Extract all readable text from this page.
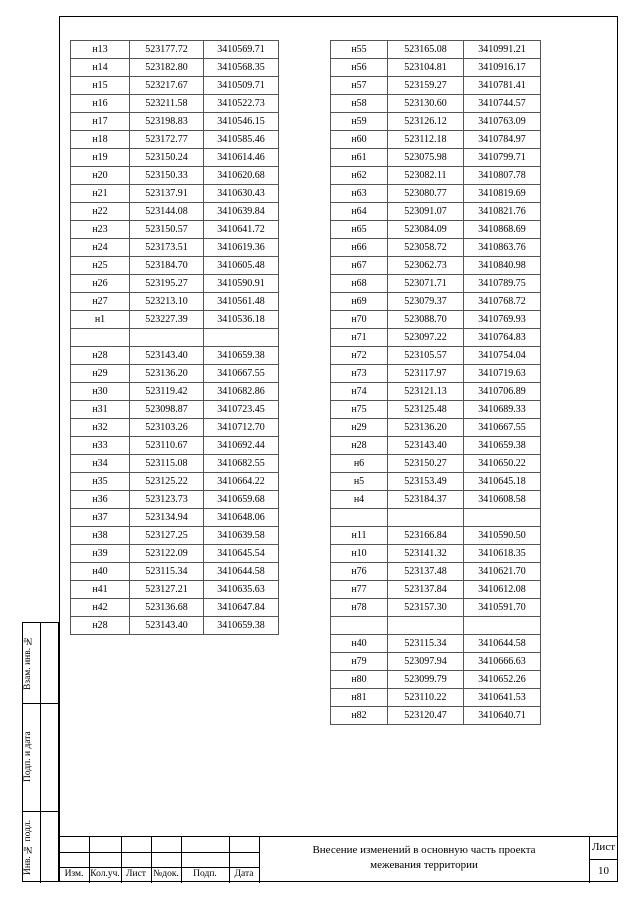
н13	523177.72	3410569.71
н14	523182.80	3410568.35
н15	523217.67	3410509.71
н16	523211.58	3410522.73
н17	523198.83	3410546.15
н18	523172.77	3410585.46
н19	523150.24	3410614.46
н20	523150.33	3410620.68
н21	523137.91	3410630.43
н22	523144.08	3410639.84
н23	523150.57	3410641.72
н24	523173.51	3410619.36
н25	523184.70	3410605.48
н26	523195.27	3410590.91
н27	523213.10	3410561.48
н1	523227.39	3410536.18

н28	523143.40	3410659.38
н29	523136.20	3410667.55
н30	523119.42	3410682.86
н31	523098.87	3410723.45
н32	523103.26	3410712.70
н33	523110.67	3410692.44
н34	523115.08	3410682.55
н35	523125.22	3410664.22
н36	523123.73	3410659.68
н37	523134.94	3410648.06
н38	523127.25	3410639.58
н39	523122.09	3410645.54
н40	523115.34	3410644.58
н41	523127.21	3410635.63
н42	523136.68	3410647.84
н28	523143.40	3410659.38
н55	523165.08	3410991.21
н56	523104.81	3410916.17
н57	523159.27	3410781.41
н58	523130.60	3410744.57
н59	523126.12	3410763.09
н60	523112.18	3410784.97
н61	523075.98	3410799.71
н62	523082.11	3410807.78
н63	523080.77	3410819.69
н64	523091.07	3410821.76
н65	523084.09	3410868.69
н66	523058.72	3410863.76
н67	523062.73	3410840.98
н68	523071.71	3410789.75
н69	523079.37	3410768.72
н70	523088.70	3410769.93
н71	523097.22	3410764.83
н72	523105.57	3410754.04
н73	523117.97	3410719.63
н74	523121.13	3410706.89
н75	523125.48	3410689.33
н29	523136.20	3410667.55
н28	523143.40	3410659.38
н6	523150.27	3410650.22
н5	523153.49	3410645.18
н4	523184.37	3410608.58

н11	523166.84	3410590.50
н10	523141.32	3410618.35
н76	523137.48	3410621.70
н77	523137.84	3410612.08
н78	523157.30	3410591.70

н40	523115.34	3410644.58
н79	523097.94	3410666.63
н80	523099.79	3410652.26
н81	523110.22	3410641.53
н82	523120.47	3410640.71
Взам. инв. №
Подп. и дата
Инв. № подл.	Изм. Кол.уч. Лист №док.	Подп.	Дата
Внесение изменений в основную часть проекта
межевания территории
Лист
10
